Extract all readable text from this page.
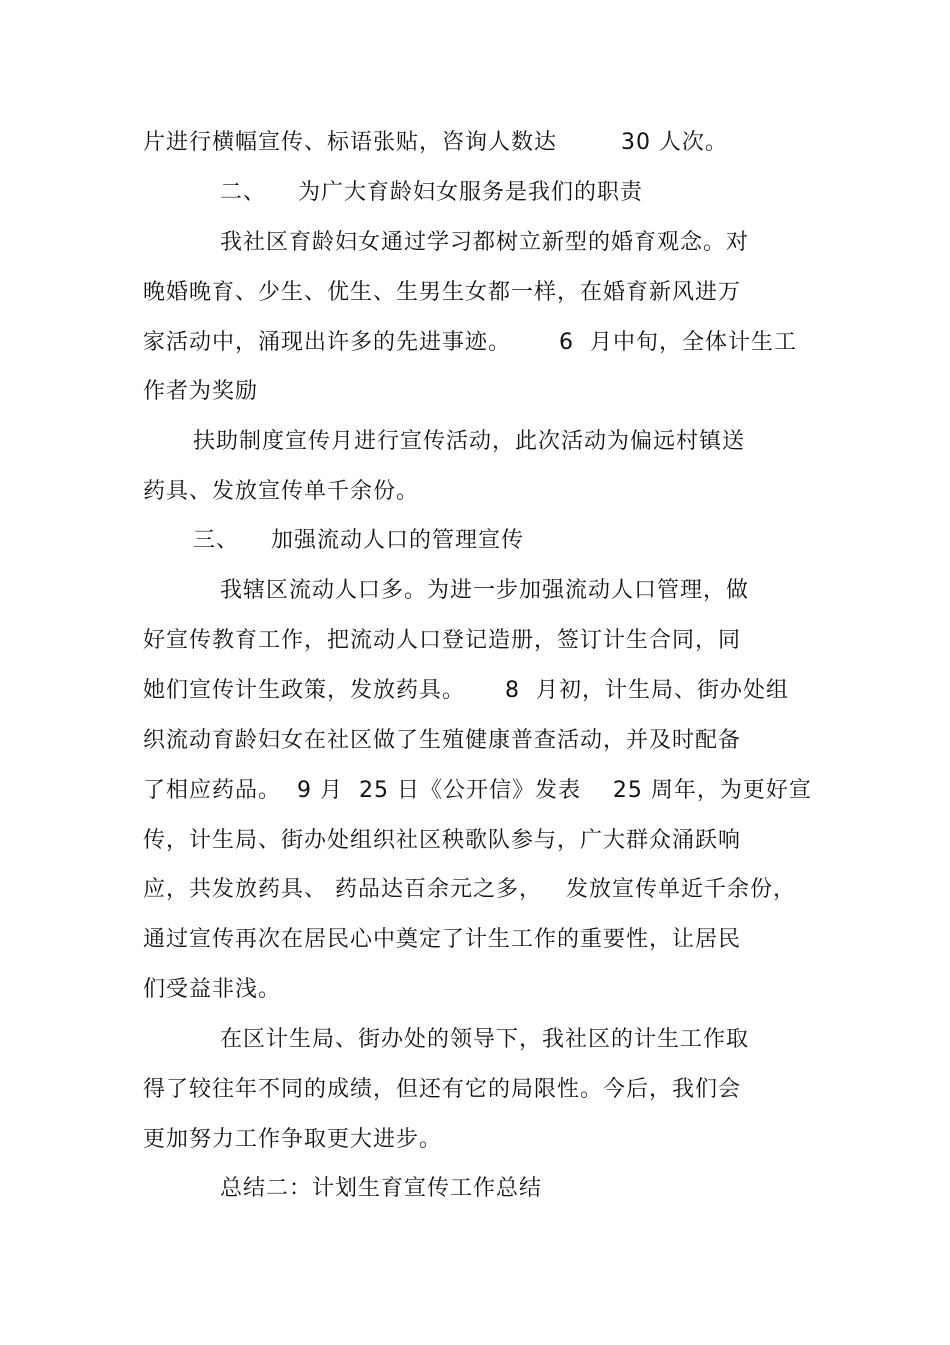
片进行横幅宣传、标语张贴，咨询人数达        30 人次。
二、    为广大育龄妇女服务是我们的职责
我社区育龄妇女通过学习都树立新型的婚育观念。对
晚婚晚育、少生、优生、生男生女都一样，在婚育新风进万
家活动中，涌现出许多的先进事迹。      6  月中旬，全体计生工
作者为奖励
扶助制度宣传月进行宣传活动，此次活动为偏远村镇送
药具、发放宣传单千余份。
三、    加强流动人口的管理宣传
我辖区流动人口多。为进一步加强流动人口管理，做
好宣传教育工作，把流动人口登记造册，签订计生合同，同
她们宣传计生政策，发放药具。     8  月初，计生局、街办处组
织流动育龄妇女在社区做了生殖健康普查活动，并及时配备
了相应药品。  9 月  25 日《公开信》发表    25 周年，为更好宣
传，计生局、街办处组织社区秧歌队参与，广大群众涌跃响
应，共发放药具、 药品达百余元之多，   发放宣传单近千余份，
通过宣传再次在居民心中奠定了计生工作的重要性，让居民
们受益非浅。
在区计生局、街办处的领导下，我社区的计生工作取
得了较往年不同的成绩，但还有它的局限性。今后，我们会
更加努力工作争取更大进步。
总结二：计划生育宣传工作总结
